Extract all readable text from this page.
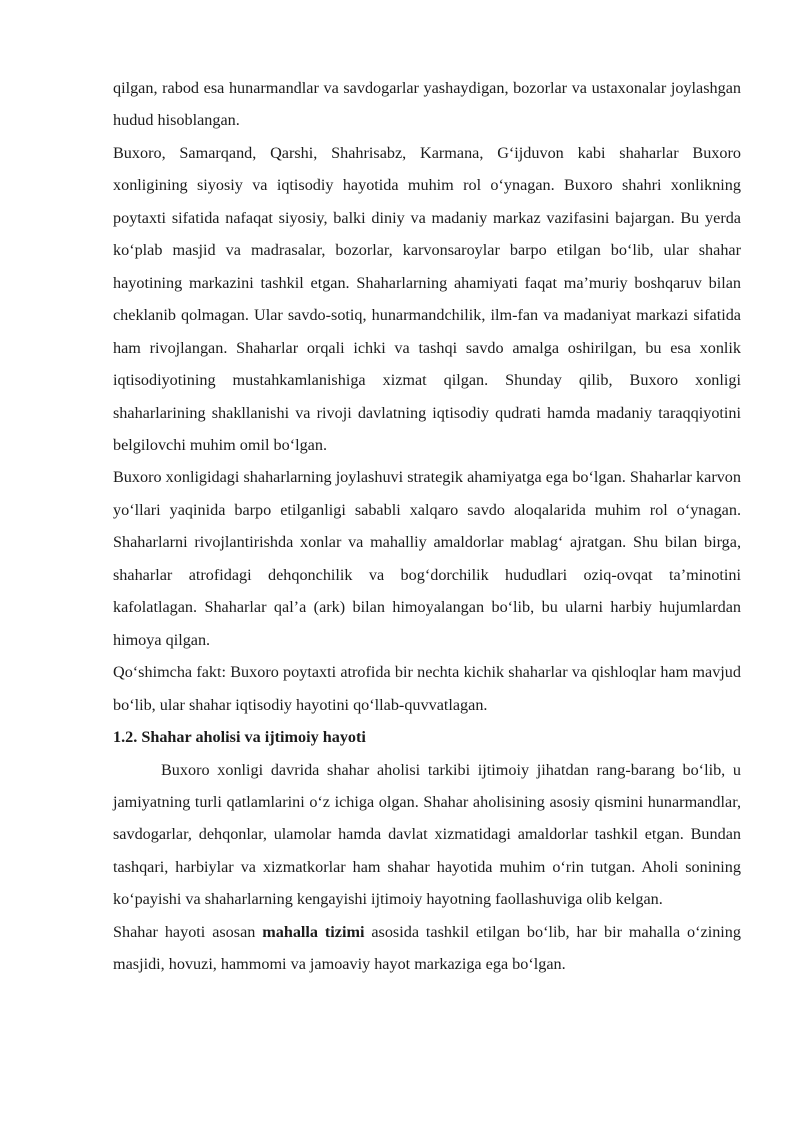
qilgan, rabod esa hunarmandlar va savdogarlar yashaydigan, bozorlar va ustaxonalar joylashgan hudud hisoblangan.

Buxoro, Samarqand, Qarshi, Shahrisabz, Karmana, G‘ijduvon kabi shaharlar Buxoro xonligining siyosiy va iqtisodiy hayotida muhim rol o‘ynagan. Buxoro shahri xonlikning poytaxti sifatida nafaqat siyosiy, balki diniy va madaniy markaz vazifasini bajargan. Bu yerda ko‘plab masjid va madrasalar, bozorlar, karvonsaroylar barpo etilgan bo‘lib, ular shahar hayotining markazini tashkil etgan. Shaharlarning ahamiyati faqat ma’muriy boshqaruv bilan cheklanib qolmagan. Ular savdo-sotiq, hunarmandchilik, ilm-fan va madaniyat markazi sifatida ham rivojlangan. Shaharlar orqali ichki va tashqi savdo amalga oshirilgan, bu esa xonlik iqtisodiyotining mustahkamlanishiga xizmat qilgan. Shunday qilib, Buxoro xonligi shaharlarining shakllanishi va rivoji davlatning iqtisodiy qudrati hamda madaniy taraqqiyotini belgilovchi muhim omil bo‘lgan.

Buxoro xonligidagi shaharlarning joylashuvi strategik ahamiyatga ega bo‘lgan. Shaharlar karvon yo‘llari yaqinida barpo etilganligi sababli xalqaro savdo aloqalarida muhim rol o‘ynagan. Shaharlarni rivojlantirishda xonlar va mahalliy amaldorlar mablag‘ ajratgan. Shu bilan birga, shaharlar atrofidagi dehqonchilik va bog‘dorchilik hududlari oziq-ovqat ta’minotini kafolatlagan. Shaharlar qal’a (ark) bilan himoyalangan bo‘lib, bu ularni harbiy hujumlardan himoya qilgan.

Qo‘shimcha fakt: Buxoro poytaxti atrofida bir nechta kichik shaharlar va qishloqlar ham mavjud bo‘lib, ular shahar iqtisodiy hayotini qo‘llab-quvvatlagan.

1.2. Shahar aholisi va ijtimoiy hayoti

Buxoro xonligi davrida shahar aholisi tarkibi ijtimoiy jihatdan rang-barang bo‘lib, u jamiyatning turli qatlamlarini o‘z ichiga olgan. Shahar aholisining asosiy qismini hunarmandlar, savdogarlar, dehqonlar, ulamolar hamda davlat xizmatidagi amaldorlar tashkil etgan. Bundan tashqari, harbiylar va xizmatkorlar ham shahar hayotida muhim o‘rin tutgan. Aholi sonining ko‘payishi va shaharlarning kengayishi ijtimoiy hayotning faollashuviga olib kelgan.

Shahar hayoti asosan mahalla tizimi asosida tashkil etilgan bo‘lib, har bir mahalla o‘zining masjidi, hovuzi, hammomi va jamoaviy hayot markaziga ega bo‘lgan.
